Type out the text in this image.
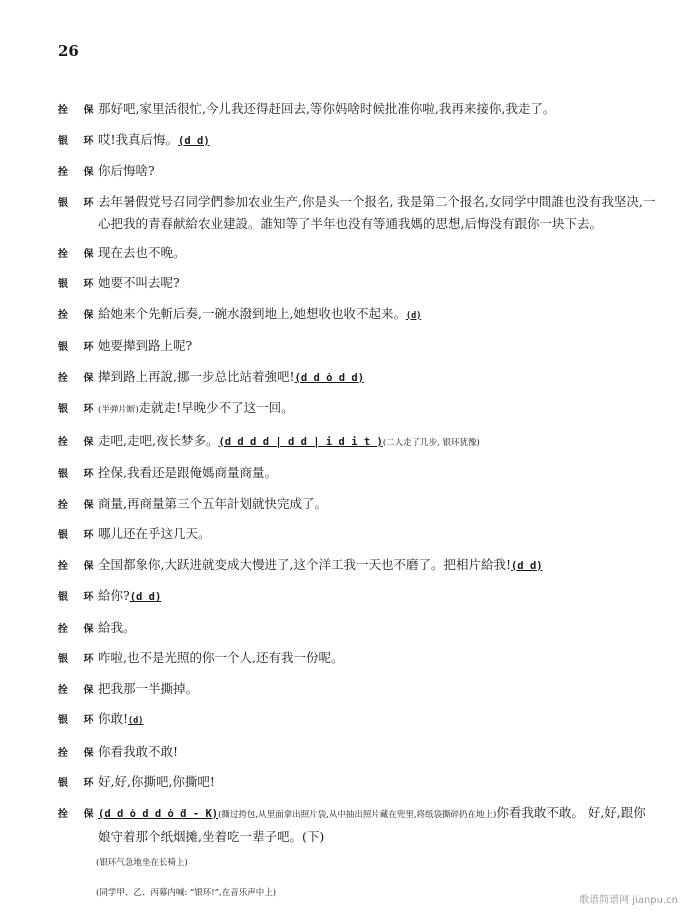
26
拴 保
那好吧,家里活很忙,今儿我还得赶回去,等你妈啥时候批准你啦,我再来接你,我走了。
银 环
哎!我真后悔。(d d)
拴 保
你后悔啥?
银 环
去年暑假党号召同学們参加农业生产,你是头一个报名, 我是第二个报名,女同学中間誰也没有我坚决,一心把我的青春献給农业建設。誰知等了半年也没有等通我媽的思想,后悔没有跟你一块下去。
拴 保
现在去也不晚。
银 环
她要不叫去呢?
拴 保
給她来个先斬后奏,一碗水潑到地上,她想收也收不起来。(d)
银 环
她要撵到路上呢?
拴 保
撵到路上再說,挪一步总比站着強吧!(d d ȯ d d)
银 环
(半弹片断)走就走!早晚少不了这一回。
拴 保
走吧,走吧,夜长梦多。(d d d d | d d | i d i t )(二人走了几步, 银环犹豫)
银 环
拴保,我看还是跟俺媽商量商量。
拴 保
商量,再商量第三个五年計划就快完成了。
银 环
哪儿还在乎这几天。
拴 保
全国都象你,大跃进就变成大慢进了,这个洋工我一天也不磨了。把相片給我!(d d)
银 环
給你?(d d)
拴 保
給我。
银 环
咋啦,也不是光照的你一个人,还有我一份呢。
拴 保
把我那一半撕掉。
银 环
你敢!(d)
拴 保
你看我敢不敢!
银 环
好,好,你撕吧,你撕吧!
拴 保
(d d ȯ d d ȯ ḋ - K)(撕过挎包,从里面拿出照片袋,从中抽出照片藏在兜里,将纸袋撕碎扔在地上)你看我敢不敢。 好,好,跟你娘守着那个纸烟摊,坐着吃一辈子吧。(下)
(银环气急地坐在长椅上)
(同学甲、乙、丙幕内喊: “银环!”,在音乐声中上)
歌谱简谱网 jianpu.cn
